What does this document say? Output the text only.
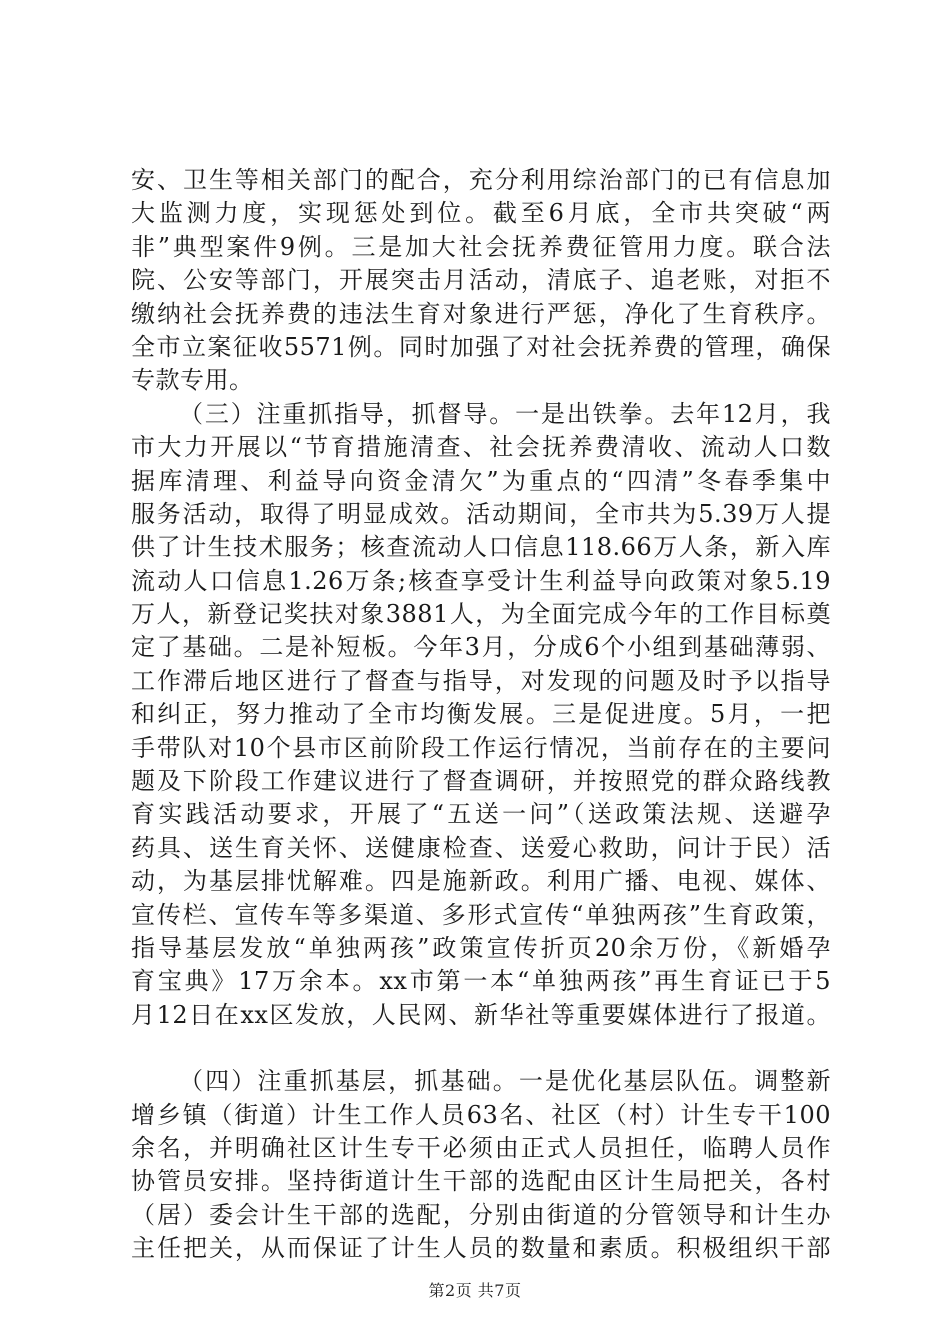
安、卫生等相关部门的配合，充分利用综治部门的已有信息加
大监测力度，实现惩处到位。截至6月底，全市共突破“两
非”典型案件9例。三是加大社会抚养费征管用力度。联合法
院、公安等部门，开展突击月活动，清底子、追老账，对拒不
缴纳社会抚养费的违法生育对象进行严惩，净化了生育秩序。
全市立案征收5571例。同时加强了对社会抚养费的管理，确保
专款专用。
（三）注重抓指导，抓督导。一是出铁拳。去年12月，我
市大力开展以“节育措施清查、社会抚养费清收、流动人口数
据库清理、利益导向资金清欠”为重点的“四清”冬春季集中
服务活动，取得了明显成效。活动期间，全市共为5.39万人提
供了计生技术服务；核查流动人口信息118.66万人条，新入库
流动人口信息1.26万条;核查享受计生利益导向政策对象5.19
万人，新登记奖扶对象3881人，为全面完成今年的工作目标奠
定了基础。二是补短板。今年3月，分成6个小组到基础薄弱、
工作滞后地区进行了督查与指导，对发现的问题及时予以指导
和纠正，努力推动了全市均衡发展。三是促进度。5月，一把
手带队对10个县市区前阶段工作运行情况，当前存在的主要问
题及下阶段工作建议进行了督查调研，并按照党的群众路线教
育实践活动要求，开展了“五送一问”（送政策法规、送避孕
药具、送生育关怀、送健康检查、送爱心救助，问计于民）活
动，为基层排忧解难。四是施新政。利用广播、电视、媒体、
宣传栏、宣传车等多渠道、多形式宣传“单独两孩”生育政策，
指导基层发放“单独两孩”政策宣传折页20余万份，《新婚孕
育宝典》17万余本。xx市第一本“单独两孩”再生育证已于5
月12日在xx区发放，人民网、新华社等重要媒体进行了报道。
（四）注重抓基层，抓基础。一是优化基层队伍。调整新
增乡镇（街道）计生工作人员63名、社区（村）计生专干100
余名，并明确社区计生专干必须由正式人员担任，临聘人员作
协管员安排。坚持街道计生干部的选配由区计生局把关，各村
（居）委会计生干部的选配，分别由街道的分管领导和计生办
主任把关，从而保证了计生人员的数量和素质。积极组织干部
第2页 共7页
